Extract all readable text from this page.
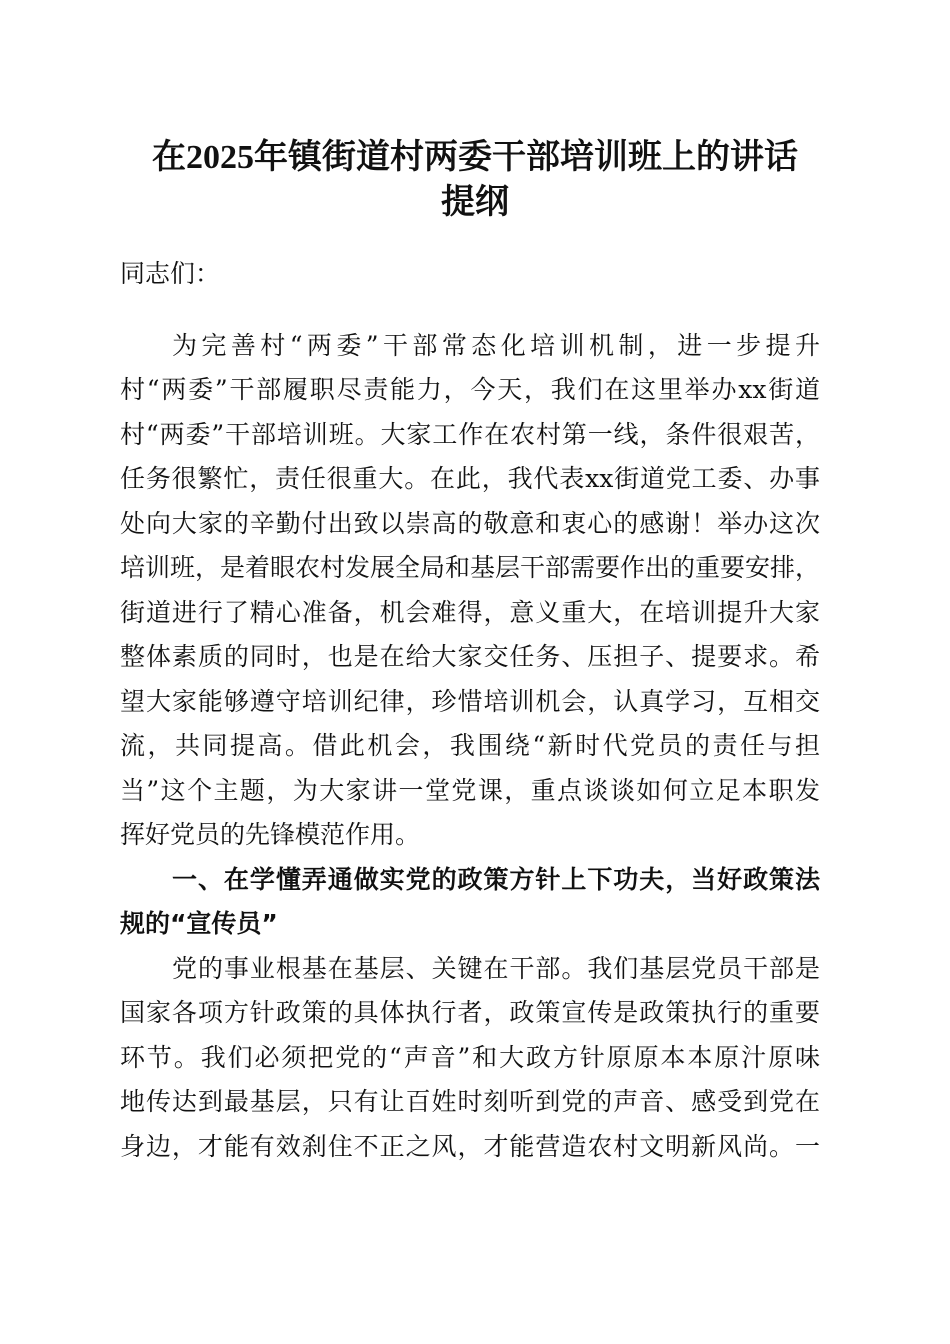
在2025年镇街道村两委干部培训班上的讲话
提纲
同志们：
为完善村“两委”干部常态化培训机制，进一步提升
村“两委”干部履职尽责能力，今天，我们在这里举办xx街道
村“两委”干部培训班。大家工作在农村第一线，条件很艰苦，
任务很繁忙，责任很重大。在此，我代表xx街道党工委、办事
处向大家的辛勤付出致以崇高的敬意和衷心的感谢！举办这次
培训班，是着眼农村发展全局和基层干部需要作出的重要安排，
街道进行了精心准备，机会难得，意义重大，在培训提升大家
整体素质的同时，也是在给大家交任务、压担子、提要求。希
望大家能够遵守培训纪律，珍惜培训机会，认真学习，互相交
流，共同提高。借此机会，我围绕“新时代党员的责任与担
当”这个主题，为大家讲一堂党课，重点谈谈如何立足本职发
挥好党员的先锋模范作用。
一、在学懂弄通做实党的政策方针上下功夫，当好政策法
规的“宣传员”
党的事业根基在基层、关键在干部。我们基层党员干部是
国家各项方针政策的具体执行者，政策宣传是政策执行的重要
环节。我们必须把党的“声音”和大政方针原原本本原汁原味
地传达到最基层，只有让百姓时刻听到党的声音、感受到党在
身边，才能有效刹住不正之风，才能营造农村文明新风尚。一
